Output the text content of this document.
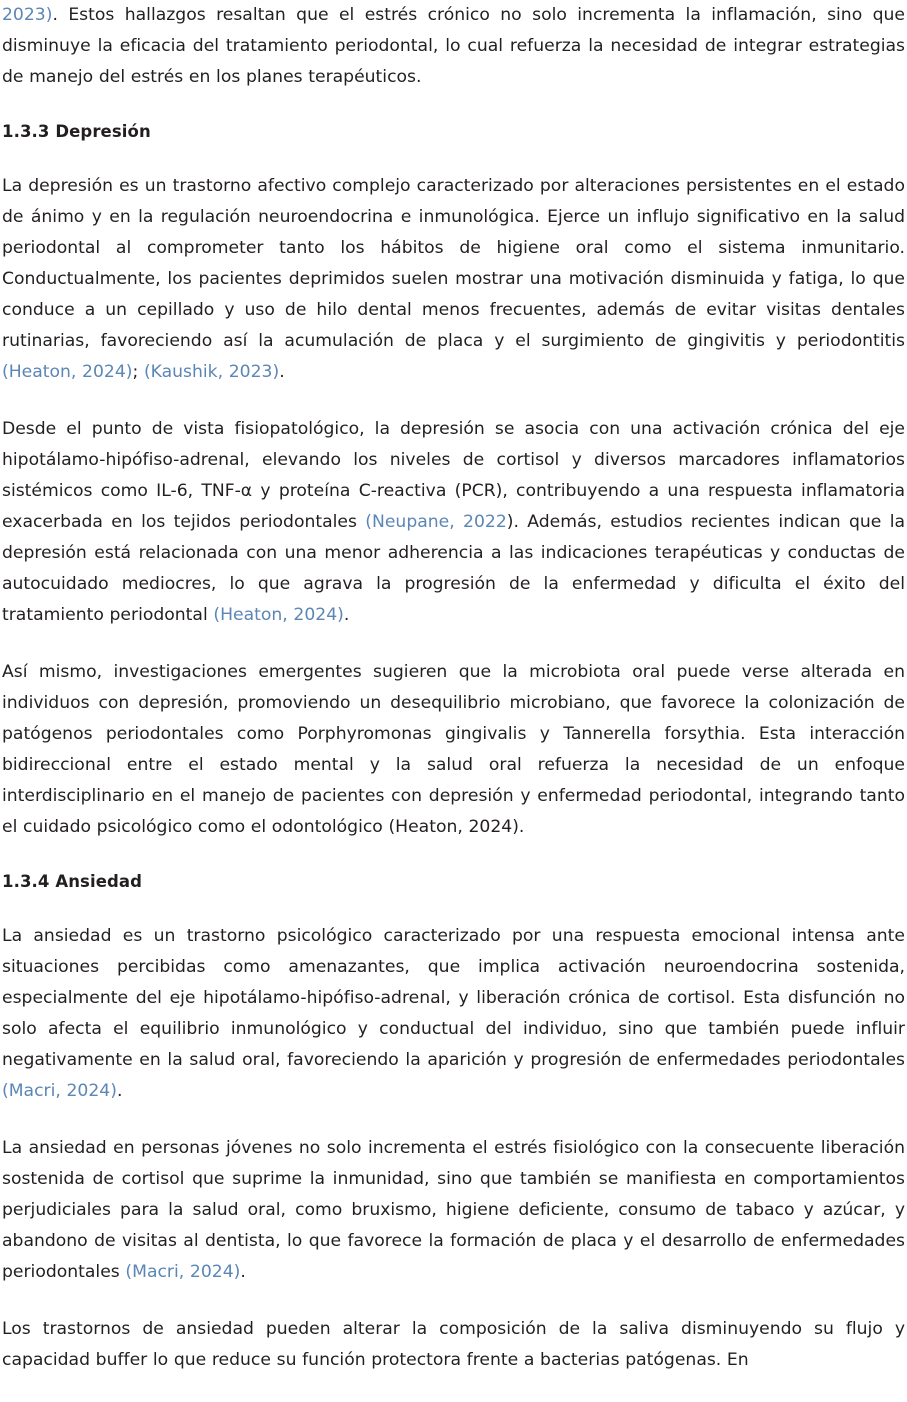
2023). Estos hallazgos resaltan que el estrés crónico no solo incrementa la inflamación, sino que disminuye la eficacia del tratamiento periodontal, lo cual refuerza la necesidad de integrar estrategias de manejo del estrés en los planes terapéuticos.

1.3.3 Depresión

La depresión es un trastorno afectivo complejo caracterizado por alteraciones persistentes en el estado de ánimo y en la regulación neuroendocrina e inmunológica. Ejerce un influjo significativo en la salud periodontal al comprometer tanto los hábitos de higiene oral como el sistema inmunitario. Conductualmente, los pacientes deprimidos suelen mostrar una motivación disminuida y fatiga, lo que conduce a un cepillado y uso de hilo dental menos frecuentes, además de evitar visitas dentales rutinarias, favoreciendo así la acumulación de placa y el surgimiento de gingivitis y periodontitis (Heaton, 2024); (Kaushik, 2023).

Desde el punto de vista fisiopatológico, la depresión se asocia con una activación crónica del eje hipotálamo-hipófiso-adrenal, elevando los niveles de cortisol y diversos marcadores inflamatorios sistémicos como IL-6, TNF-α y proteína C-reactiva (PCR), contribuyendo a una respuesta inflamatoria exacerbada en los tejidos periodontales (Neupane, 2022). Además, estudios recientes indican que la depresión está relacionada con una menor adherencia a las indicaciones terapéuticas y conductas de autocuidado mediocres, lo que agrava la progresión de la enfermedad y dificulta el éxito del tratamiento periodontal (Heaton, 2024).

Así mismo, investigaciones emergentes sugieren que la microbiota oral puede verse alterada en individuos con depresión, promoviendo un desequilibrio microbiano, que favorece la colonización de patógenos periodontales como Porphyromonas gingivalis y Tannerella forsythia. Esta interacción bidireccional entre el estado mental y la salud oral refuerza la necesidad de un enfoque interdisciplinario en el manejo de pacientes con depresión y enfermedad periodontal, integrando tanto el cuidado psicológico como el odontológico (Heaton, 2024).

1.3.4 Ansiedad

La ansiedad es un trastorno psicológico caracterizado por una respuesta emocional intensa ante situaciones percibidas como amenazantes, que implica activación neuroendocrina sostenida, especialmente del eje hipotálamo-hipófiso-adrenal, y liberación crónica de cortisol. Esta disfunción no solo afecta el equilibrio inmunológico y conductual del individuo, sino que también puede influir negativamente en la salud oral, favoreciendo la aparición y progresión de enfermedades periodontales (Macri, 2024).

La ansiedad en personas jóvenes no solo incrementa el estrés fisiológico con la consecuente liberación sostenida de cortisol que suprime la inmunidad, sino que también se manifiesta en comportamientos perjudiciales para la salud oral, como bruxismo, higiene deficiente, consumo de tabaco y azúcar, y abandono de visitas al dentista, lo que favorece la formación de placa y el desarrollo de enfermedades periodontales (Macri, 2024).

Los trastornos de ansiedad pueden alterar la composición de la saliva disminuyendo su flujo y capacidad buffer lo que reduce su función protectora frente a bacterias patógenas. En
